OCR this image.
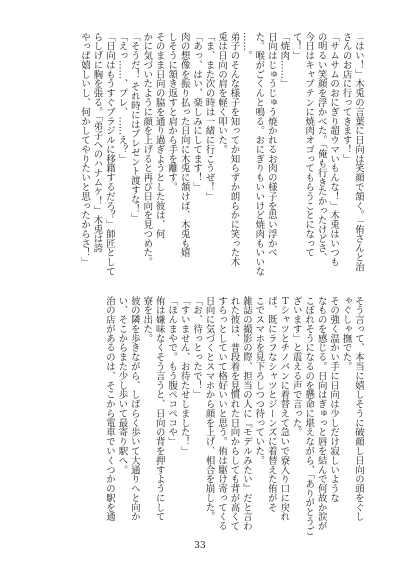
「はい！」木兎の言葉に日向は笑顔で頷く。「侑さんと治
さんのお店に行ってきます！」
「サムサムのおにぎり超ウマいもんな！」木兎はいつも
の明るい笑顔を浮かべた。「俺も行きたかったけどさ、
今日はキャプテンに焼肉オゴってもらうことになって
て！」
「焼肉……」
日向はじゅうじゅう焼かれるお肉の様子を思い浮かべ
た。喉がごくんと鳴る。おにぎりもいいけど焼肉もいいな
……。
弟子のそんな様子を知ってか知らずか朗らかに笑った木
兎は日向の肩を軽く叩いた。
「ま、また次の時は一緒に行こうぜ！」
「あっ、はい、楽しみにしてます！」
肉の想像を振り払った日向に木兎に頷けば、木兎も嬉
しそうに頷き返すと肩から手を離す。
そのまま日向の脇を通り過ぎようとした彼は、何
かに気づいたように顔を上げると再び日向を見つめた。
「そうだ！ それ時にはプレゼント渡すな！」
「えっ……、プレ、……え？」
「日向はもうすぐブラジルに移籍するだろ？」師匠として
らしげに胸を張る。「弟子へのハナムケ！」木兎は誇
やっぱ嬉しいし、何かしてやりたいと思ったからさ！」
そう言って、本当に嬉しそうに破顔し日向の頭をぐし
ゃぐしゃ撫でた。
その強く温かい手に日向は少しだけ寂しいような
なものを感じる。日向はぎゅっと唇を結んで何故か涙が
こぼれそうになるのを懸命に堪えながら、「ありがとうご
ざいます」と震える声で言った。
Ｔシャツとチノパンに着替えて急いで寮入り口に戻れ
ば、既にラフなシャツとジーンズに着替えた侑がそ
こでスマホを見下ろしつつ待っていた。
雑誌の撮影の際、担当の人に『モデルみたい』だと言わ
れた彼は、普段着を見慣れた日向からしても背が高くて
すらっとしていて格好いいと思う。侑は駆け寄ってくる
日向に気づくとスマホから顔を上げ、相合を崩した。
「お、待っとったで！」
「すいません、お待たせしました！」
「ほんまやで。もう腹ペコペコや」
侑は嫌味なくそう言うと、日向の背を押すようにして
寮を出た。
彼の隣を歩きながら、しばらく歩いて大通りへと向か
い、そこからまた少し歩いて最寄り駅へ。
治の店があるのは、そこから電車でいくつかの駅を通
33
